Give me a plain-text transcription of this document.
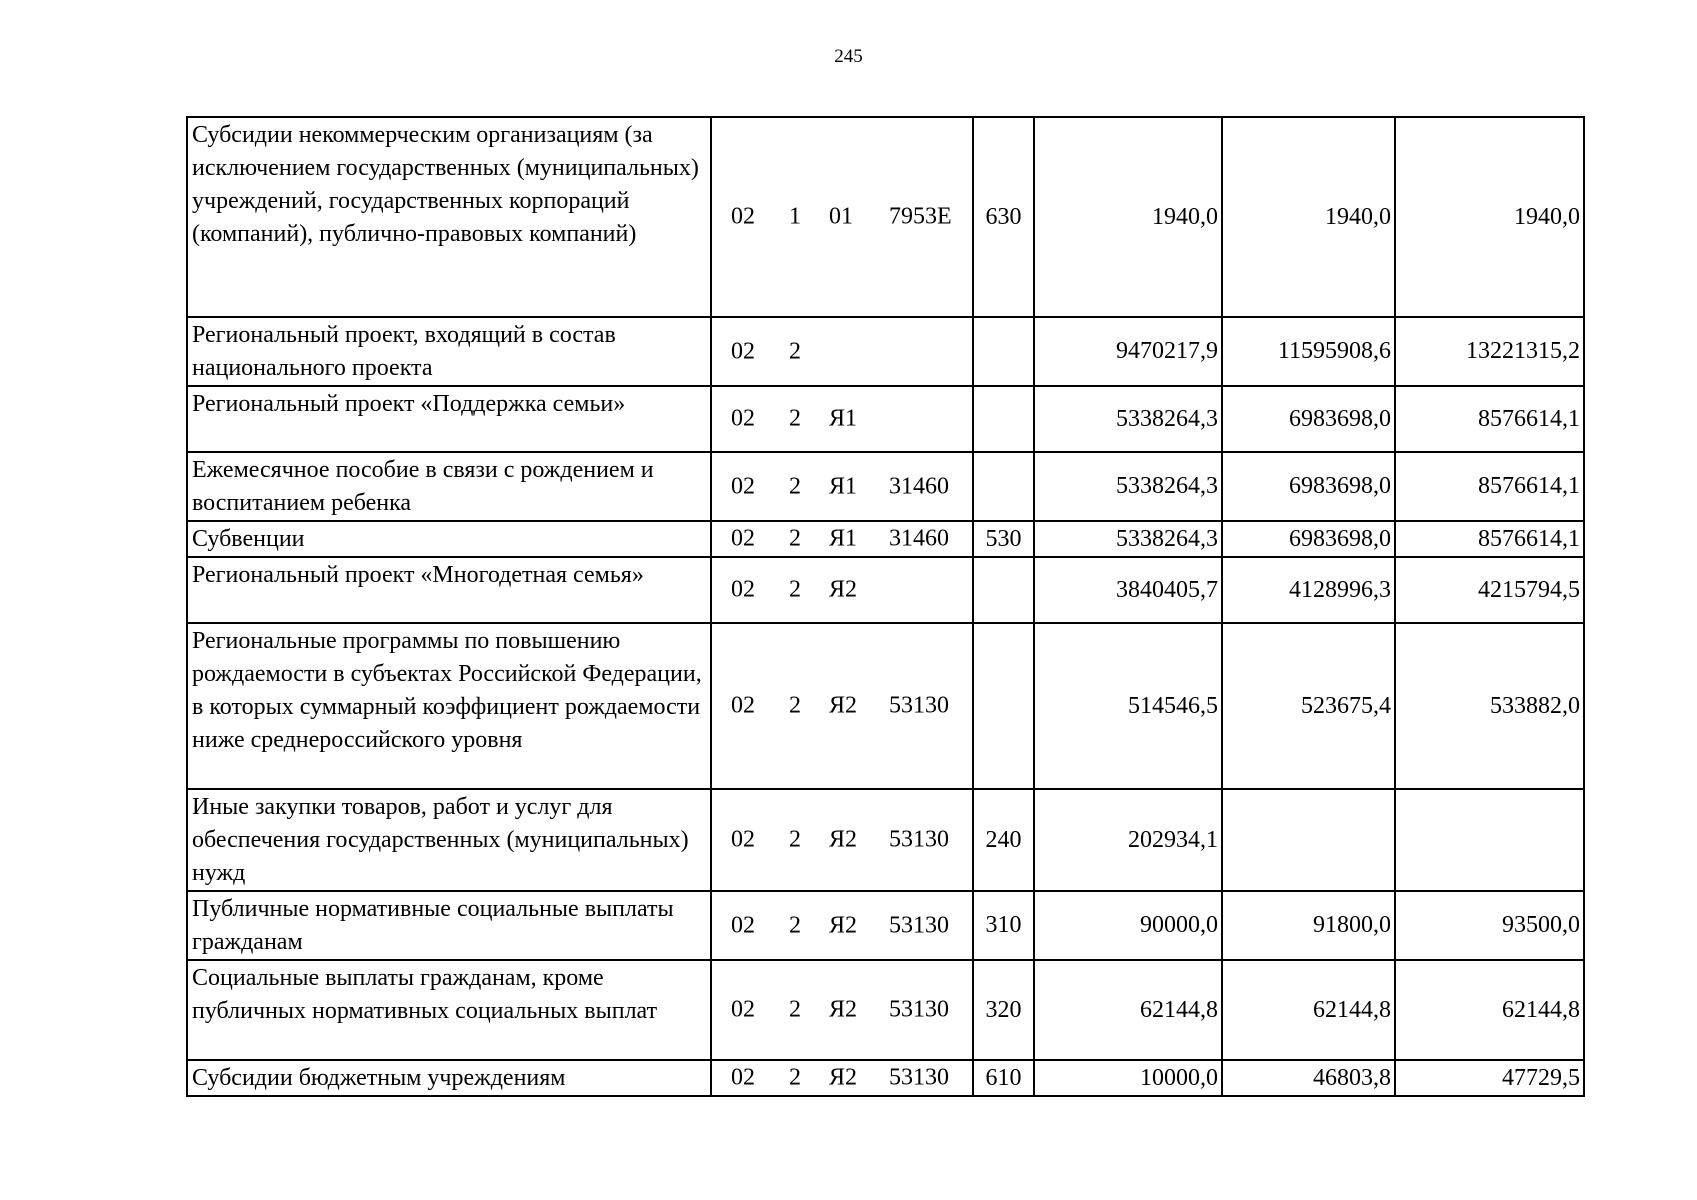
245
Субсидии некоммерческим организациям (за исключением государственных (муниципальных) учреждений, государственных корпораций (компаний), публично-правовых компаний)	02 1 01 7953Е	630	1940,0	1940,0	1940,0
Региональный проект, входящий в состав национального проекта	02 2		9470217,9	11595908,6	13221315,2
Региональный проект «Поддержка семьи»	02 2 Я1		5338264,3	6983698,0	8576614,1
Ежемесячное пособие в связи с рождением и воспитанием ребенка	02 2 Я1 31460		5338264,3	6983698,0	8576614,1
Субвенции	02 2 Я1 31460	530	5338264,3	6983698,0	8576614,1
Региональный проект «Многодетная семья»	02 2 Я2		3840405,7	4128996,3	4215794,5
Региональные программы по повышению рождаемости в субъектах Российской Федерации, в которых суммарный коэффициент рождаемости ниже среднероссийского уровня	02 2 Я2 53130		514546,5	523675,4	533882,0
Иные закупки товаров, работ и услуг для обеспечения государственных (муниципальных) нужд	02 2 Я2 53130	240	202934,1		
Публичные нормативные социальные выплаты гражданам	02 2 Я2 53130	310	90000,0	91800,0	93500,0
Социальные выплаты гражданам, кроме публичных нормативных социальных выплат	02 2 Я2 53130	320	62144,8	62144,8	62144,8
Субсидии бюджетным учреждениям	02 2 Я2 53130	610	10000,0	46803,8	47729,5
